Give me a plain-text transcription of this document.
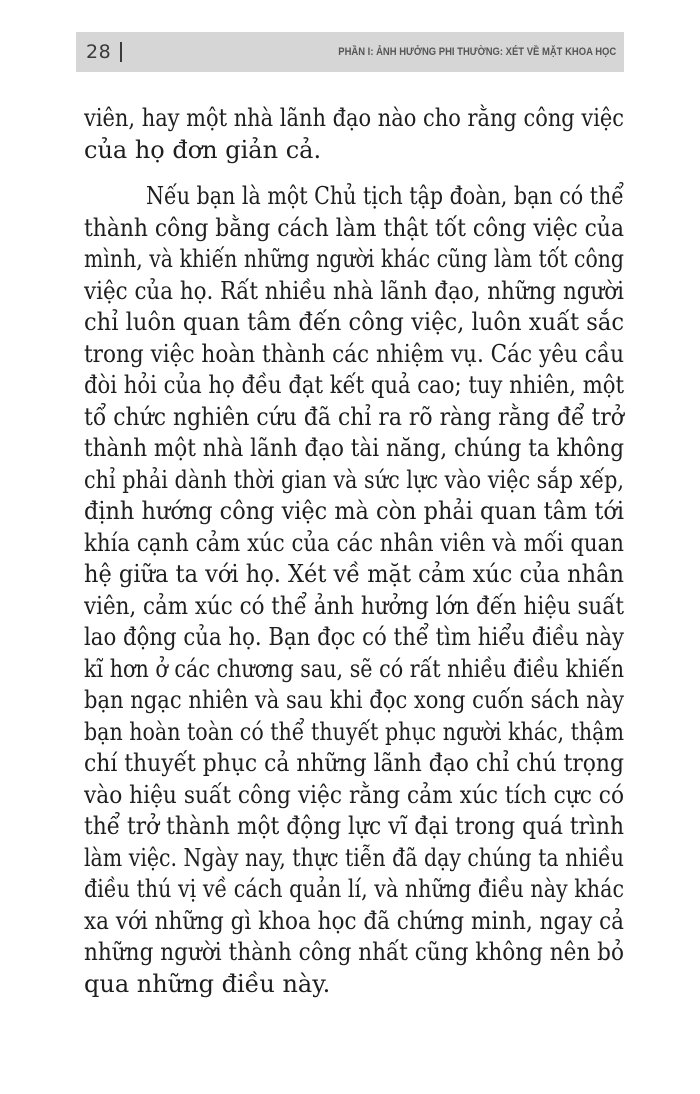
28	PHẦN I: ẢNH HƯỞNG PHI THƯỜNG: XÉT VỀ MẶT KHOA HỌC
viên, hay một nhà lãnh đạo nào cho rằng công việc
của họ đơn giản cả.
Nếu bạn là một Chủ tịch tập đoàn, bạn có thể
thành công bằng cách làm thật tốt công việc của
mình, và khiến những người khác cũng làm tốt công
việc của họ. Rất nhiều nhà lãnh đạo, những người
chỉ luôn quan tâm đến công việc, luôn xuất sắc
trong việc hoàn thành các nhiệm vụ. Các yêu cầu
đòi hỏi của họ đều đạt kết quả cao; tuy nhiên, một
tổ chức nghiên cứu đã chỉ ra rõ ràng rằng để trở
thành một nhà lãnh đạo tài năng, chúng ta không
chỉ phải dành thời gian và sức lực vào việc sắp xếp,
định hướng công việc mà còn phải quan tâm tới
khía cạnh cảm xúc của các nhân viên và mối quan
hệ giữa ta với họ. Xét về mặt cảm xúc của nhân
viên, cảm xúc có thể ảnh hưởng lớn đến hiệu suất
lao động của họ. Bạn đọc có thể tìm hiểu điều này
kĩ hơn ở các chương sau, sẽ có rất nhiều điều khiến
bạn ngạc nhiên và sau khi đọc xong cuốn sách này
bạn hoàn toàn có thể thuyết phục người khác, thậm
chí thuyết phục cả những lãnh đạo chỉ chú trọng
vào hiệu suất công việc rằng cảm xúc tích cực có
thể trở thành một động lực vĩ đại trong quá trình
làm việc. Ngày nay, thực tiễn đã dạy chúng ta nhiều
điều thú vị về cách quản lí, và những điều này khác
xa với những gì khoa học đã chứng minh, ngay cả
những người thành công nhất cũng không nên bỏ
qua những điều này.
